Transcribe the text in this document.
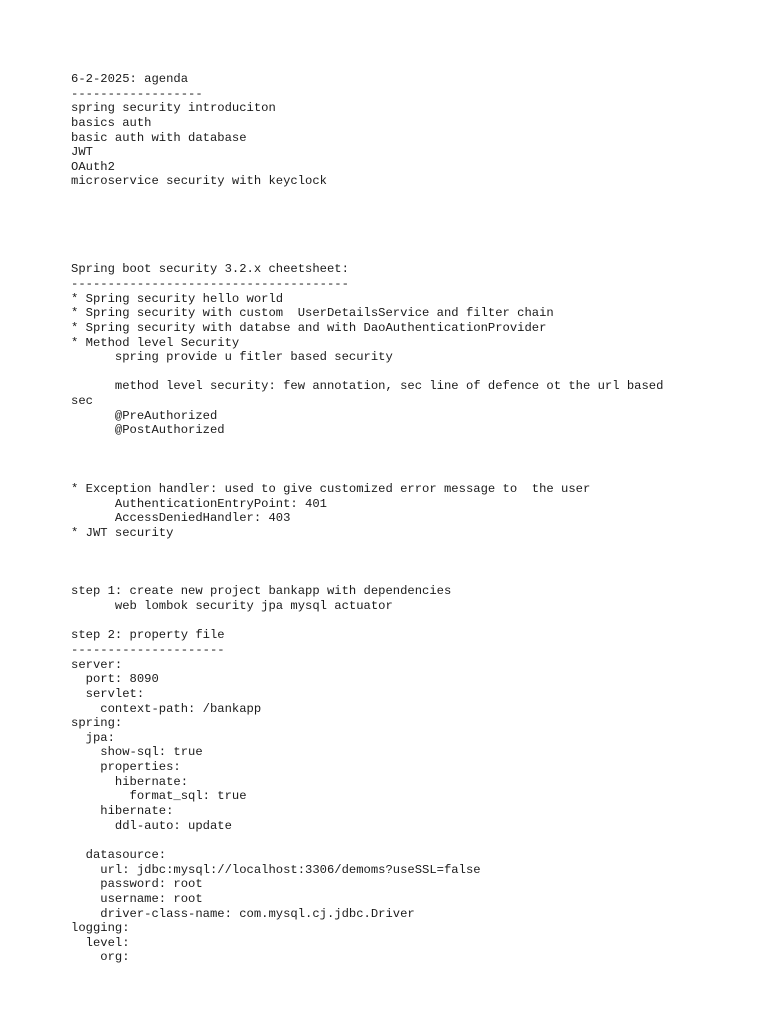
6-2-2025: agenda
------------------
spring security introduciton
basics auth
basic auth with database
JWT
OAuth2
microservice security with keyclock
Spring boot security 3.2.x cheetsheet:
--------------------------------------
* Spring security hello world
* Spring security with custom  UserDetailsService and filter chain
* Spring security with databse and with DaoAuthenticationProvider
* Method level Security
spring provide u fitler based security
method level security: few annotation, sec line of defence ot the url based
sec
@PreAuthorized
@PostAuthorized
* Exception handler: used to give customized error message to  the user
AuthenticationEntryPoint: 401
AccessDeniedHandler: 403
* JWT security
step 1: create new project bankapp with dependencies
web lombok security jpa mysql actuator
step 2: property file
---------------------
server:
port: 8090
servlet:
context-path: /bankapp
spring:
jpa:
show-sql: true
properties:
hibernate:
format_sql: true
hibernate:
ddl-auto: update
datasource:
url: jdbc:mysql://localhost:3306/demoms?useSSL=false
password: root
username: root
driver-class-name: com.mysql.cj.jdbc.Driver
logging:
level:
org:
